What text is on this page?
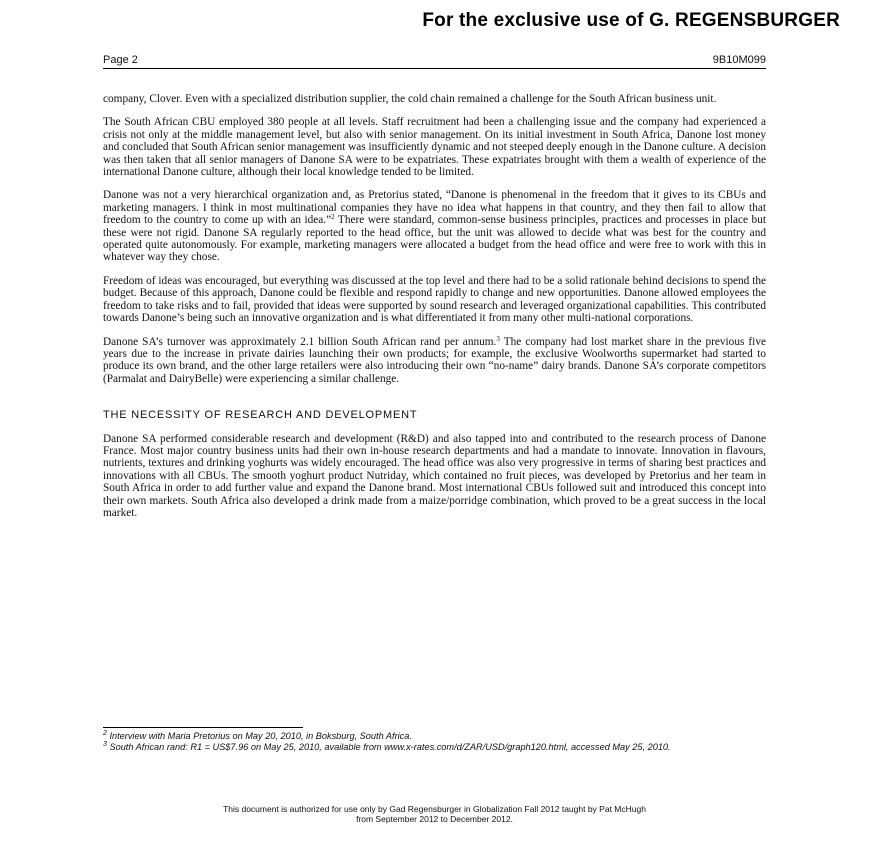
For the exclusive use of G. REGENSBURGER
Page 2	9B10M099

company, Clover. Even with a specialized distribution supplier, the cold chain remained a challenge for the South African business unit.

The South African CBU employed 380 people at all levels. Staff recruitment had been a challenging issue and the company had experienced a crisis not only at the middle management level, but also with senior management. On its initial investment in South Africa, Danone lost money and concluded that South African senior management was insufficiently dynamic and not steeped deeply enough in the Danone culture. A decision was then taken that all senior managers of Danone SA were to be expatriates. These expatriates brought with them a wealth of experience of the international Danone culture, although their local knowledge tended to be limited.

Danone was not a very hierarchical organization and, as Pretorius stated, “Danone is phenomenal in the freedom that it gives to its CBUs and marketing managers. I think in most multinational companies they have no idea what happens in that country, and they then fail to allow that freedom to the country to come up with an idea.”$^2$ There were standard, common-sense business principles, practices and processes in place but these were not rigid. Danone SA regularly reported to the head office, but the unit was allowed to decide what was best for the country and operated quite autonomously. For example, marketing managers were allocated a budget from the head office and were free to work with this in whatever way they chose.

Freedom of ideas was encouraged, but everything was discussed at the top level and there had to be a solid rationale behind decisions to spend the budget. Because of this approach, Danone could be flexible and respond rapidly to change and new opportunities. Danone allowed employees the freedom to take risks and to fail, provided that ideas were supported by sound research and leveraged organizational capabilities. This contributed towards Danone’s being such an innovative organization and is what differentiated it from many other multi-national corporations.

Danone SA’s turnover was approximately 2.1 billion South African rand per annum.$^3$ The company had lost market share in the previous five years due to the increase in private dairies launching their own products; for example, the exclusive Woolworths supermarket had started to produce its own brand, and the other large retailers were also introducing their own “no-name” dairy brands. Danone SA’s corporate competitors (Parmalat and DairyBelle) were experiencing a similar challenge.

THE NECESSITY OF RESEARCH AND DEVELOPMENT

Danone SA performed considerable research and development (R&D) and also tapped into and contributed to the research process of Danone France. Most major country business units had their own in-house research departments and had a mandate to innovate. Innovation in flavours, nutrients, textures and drinking yoghurts was widely encouraged. The head office was also very progressive in terms of sharing best practices and innovations with all CBUs. The smooth yoghurt product Nutriday, which contained no fruit pieces, was developed by Pretorius and her team in South Africa in order to add further value and expand the Danone brand. Most international CBUs followed suit and introduced this concept into their own markets. South Africa also developed a drink made from a maize/porridge combination, which proved to be a great success in the local market.

$^2$ Interview with Maria Pretorius on May 20, 2010, in Boksburg, South Africa.

$^3$ South African rand: R1 = US$7.96 on May 25, 2010, available from www.x-rates.com/d/ZAR/USD/graph120.html, accessed May 25, 2010.

This document is authorized for use only by Gad Regensburger in Globalization Fall 2012 taught by Pat McHugh
from September 2012 to December 2012.
